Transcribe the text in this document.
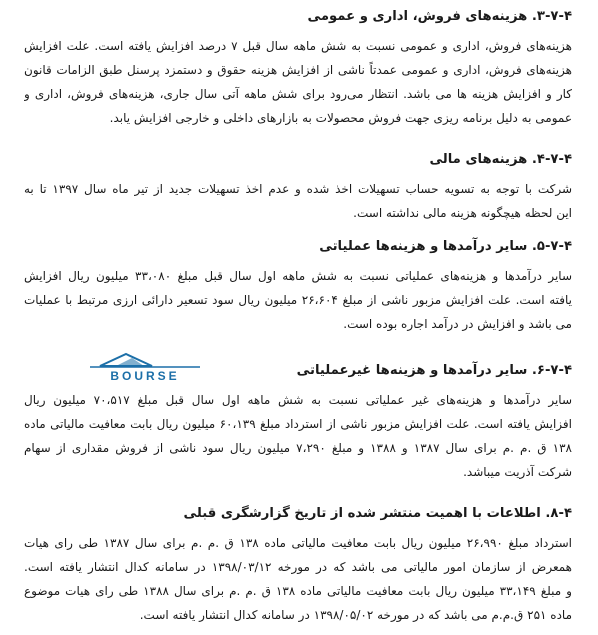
۳-۷-۴. هزینه‌های فروش، اداری و عمومی
هزینه‌های فروش، اداری و عمومی نسبت به شش ماهه سال قبل ۷ درصد افزایش یافته است. علت افزایش
هزینه‌های فروش، اداری و عمومی عمدتاً ناشی از افزایش هزینه حقوق و دستمزد پرسنل طبق الزامات قانون
کار و افزایش هزینه ها می باشد. انتظار می‌رود برای شش ماهه آتی سال جاری، هزینه‌های فروش، اداری و
عمومی به دلیل برنامه ریزی جهت فروش محصولات به بازارهای داخلی و خارجی افزایش یابد.
۴-۷-۴. هزینه‌های مالی
شرکت با توجه به تسویه حساب تسهیلات اخذ شده و عدم اخذ تسهیلات جدید از تیر ماه سال ۱۳۹۷ تا به
این لحظه هیچگونه هزینه مالی نداشته است.
۵-۷-۴. سایر درآمدها و هزینه‌ها عملیاتی
سایر درآمدها و هزینه‌های عملیاتی نسبت به شش ماهه اول سال قبل مبلغ ۳۳،۰۸۰ میلیون ریال افزایش
یافته است. علت افزایش مزبور ناشی از مبلغ ۲۶،۶۰۴ میلیون ریال سود تسعیر دارائی ارزی مرتبط با عملیات
می باشد و افزایش در درآمد اجاره بوده است.
BOURSE	۶-۷-۴. سایر درآمدها و هزینه‌ها غیرعملیاتی
سایر درآمدها و هزینه‌های غیر عملیاتی نسبت به شش ماهه اول سال قبل مبلغ ۷۰،۵۱۷ میلیون ریال
افزایش یافته است. علت افزایش مزبور ناشی از استرداد مبلغ ۶۰،۱۳۹ میلیون ریال بابت معافیت مالیاتی ماده
۱۳۸ ق .م .م برای سال ۱۳۸۷ و ۱۳۸۸ و مبلغ ۷،۲۹۰ میلیون ریال سود ناشی از فروش مقداری از سهام
شرکت آذریت میباشد.
۸-۴. اطلاعات با اهمیت منتشر شده از تاریخ گزارشگری قبلی
استرداد مبلغ ۲۶،۹۹۰ میلیون ریال بابت معافیت مالیاتی ماده ۱۳۸ ق .م .م برای سال ۱۳۸۷ طی رای هیات
همعرض از سازمان امور مالیاتی می باشد که در مورخه ۱۳۹۸/۰۳/۱۲ در سامانه کدال انتشار یافته است.
و مبلغ ۳۳،۱۴۹ میلیون ریال بابت معافیت مالیاتی ماده ۱۳۸ ق .م .م برای سال ۱۳۸۸ طی رای هیات موضوع
ماده ۲۵۱ ق.م.م می باشد که در مورخه ۱۳۹۸/۰۵/۰۲ در سامانه کدال انتشار یافته است.
